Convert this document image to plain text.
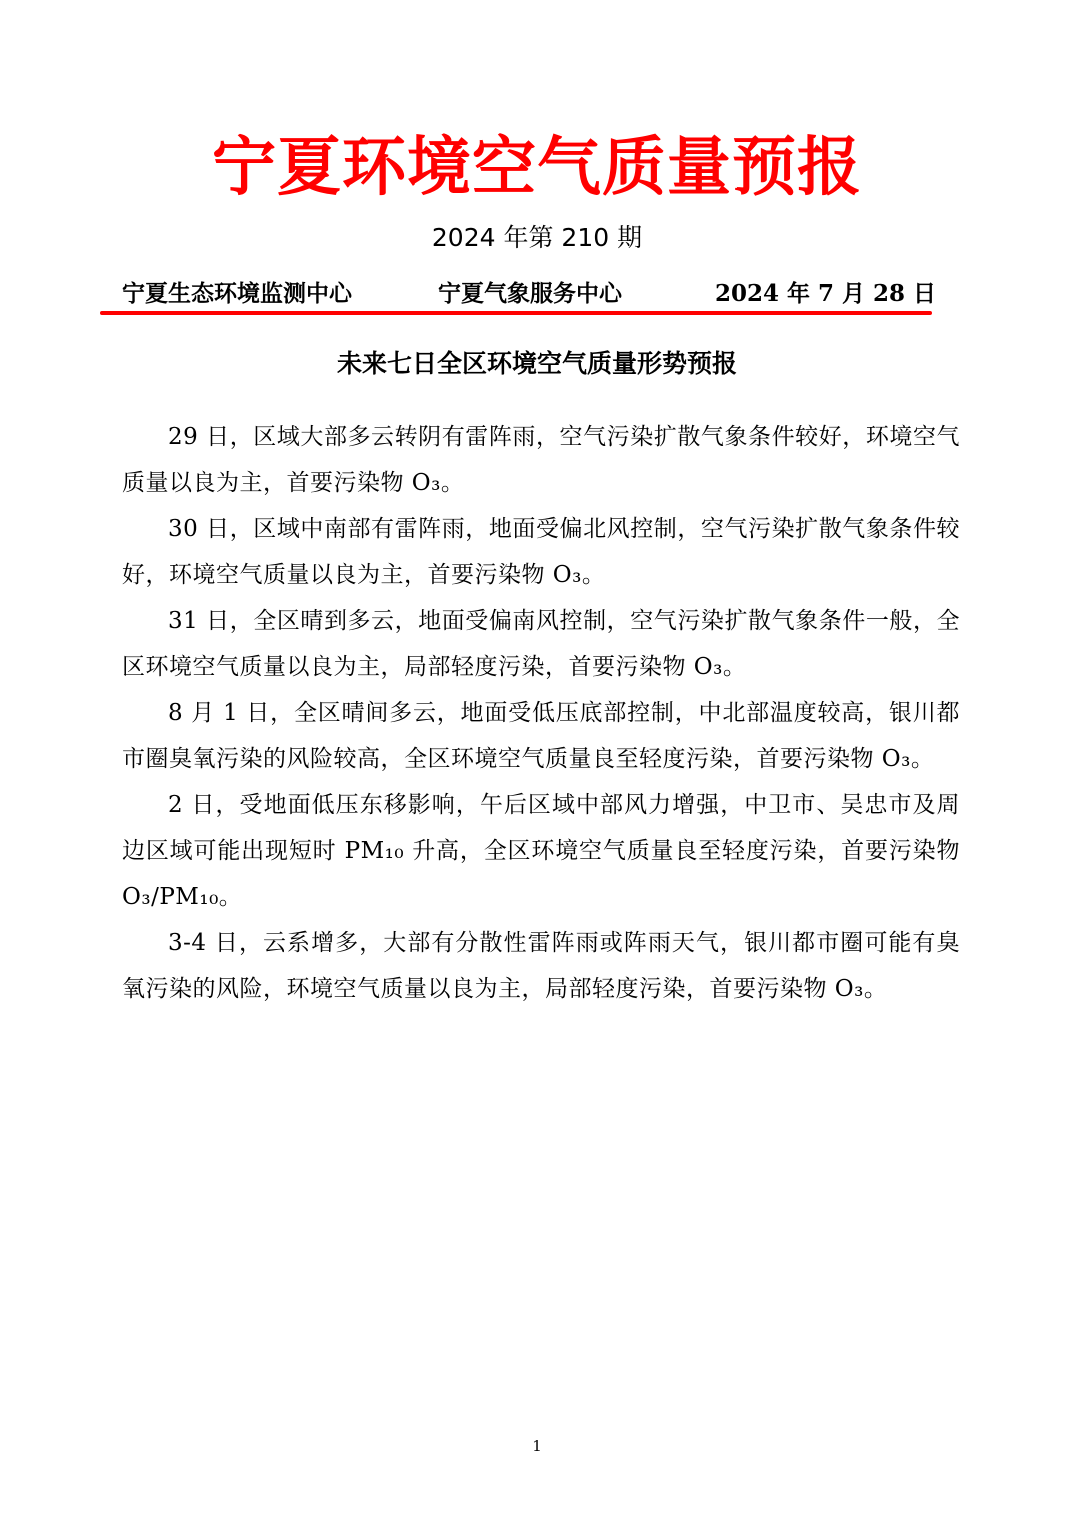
宁夏环境空气质量预报
2024 年第 210 期
宁夏生态环境监测中心	宁夏气象服务中心	2024 年 7 月 28 日
未来七日全区环境空气质量形势预报

29 日，区域大部多云转阴有雷阵雨，空气污染扩散气象条件较好，环境空气质量以良为主，首要污染物 O₃。

30 日，区域中南部有雷阵雨，地面受偏北风控制，空气污染扩散气象条件较好，环境空气质量以良为主，首要污染物 O₃。

31 日，全区晴到多云，地面受偏南风控制，空气污染扩散气象条件一般，全区环境空气质量以良为主，局部轻度污染，首要污染物 O₃。

8 月 1 日，全区晴间多云，地面受低压底部控制，中北部温度较高，银川都市圈臭氧污染的风险较高，全区环境空气质量良至轻度污染，首要污染物 O₃。

2 日，受地面低压东移影响，午后区域中部风力增强，中卫市、吴忠市及周边区域可能出现短时 PM₁₀ 升高，全区环境空气质量良至轻度污染，首要污染物 O₃/PM₁₀。

3-4 日，云系增多，大部有分散性雷阵雨或阵雨天气，银川都市圈可能有臭氧污染的风险，环境空气质量以良为主，局部轻度污染，首要污染物 O₃。

1
